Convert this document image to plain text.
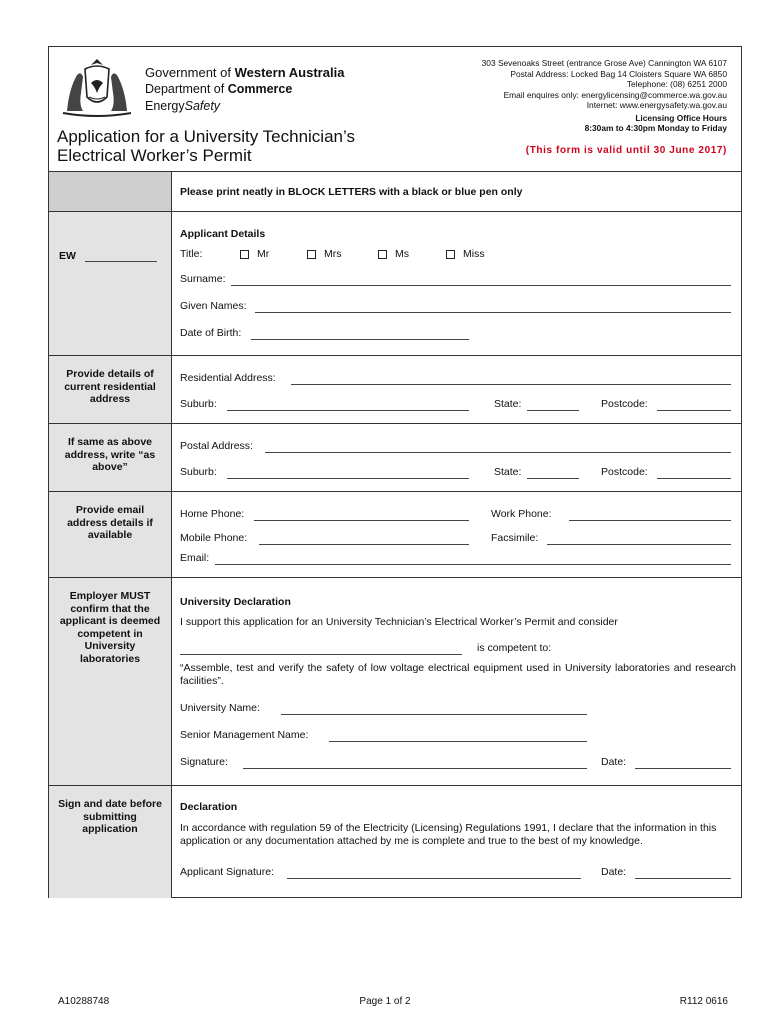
Government of Western Australia
Department of Commerce
EnergySafety
303 Sevenoaks Street (entrance Grose Ave) Cannington WA 6107
Postal Address: Locked Bag 14 Cloisters Square WA 6850
Telephone: (08) 6251 2000
Email enquires only: energylicensing@commerce.wa.gov.au
Internet: www.energysafety.wa.gov.au
Licensing Office Hours
8:30am to 4:30pm Monday to Friday
(This form is valid until 30 June 2017)
Application for a University Technician’s
Electrical Worker’s Permit
Please print neatly in BLOCK LETTERS with a black or blue pen only
EW
Applicant Details
Title:	Mr	Mrs	Ms	Miss
Surname:
Given Names:
Date of Birth:
Provide details of current residential address
Residential Address:
Suburb:	State:	Postcode:
If same as above address, write “as above”
Postal Address:
Suburb:	State:	Postcode:
Provide email address details if available
Home Phone:	Work Phone:
Mobile Phone:	Facsimile:
Email:
Employer MUST confirm that the applicant is deemed competent in University laboratories
University Declaration
I support this application for an University Technician’s Electrical Worker’s Permit and consider
is competent to:
“Assemble, test and verify the safety of low voltage electrical equipment used in University laboratories and research facilities”.
University Name:
Senior Management Name:
Signature:	Date:
Sign and date before submitting application
Declaration
In accordance with regulation 59 of the Electricity (Licensing) Regulations 1991, I declare that the information in this application or any documentation attached by me is complete and true to the best of my knowledge.
Applicant Signature:	Date:
A10288748	Page 1 of 2	R112 0616
